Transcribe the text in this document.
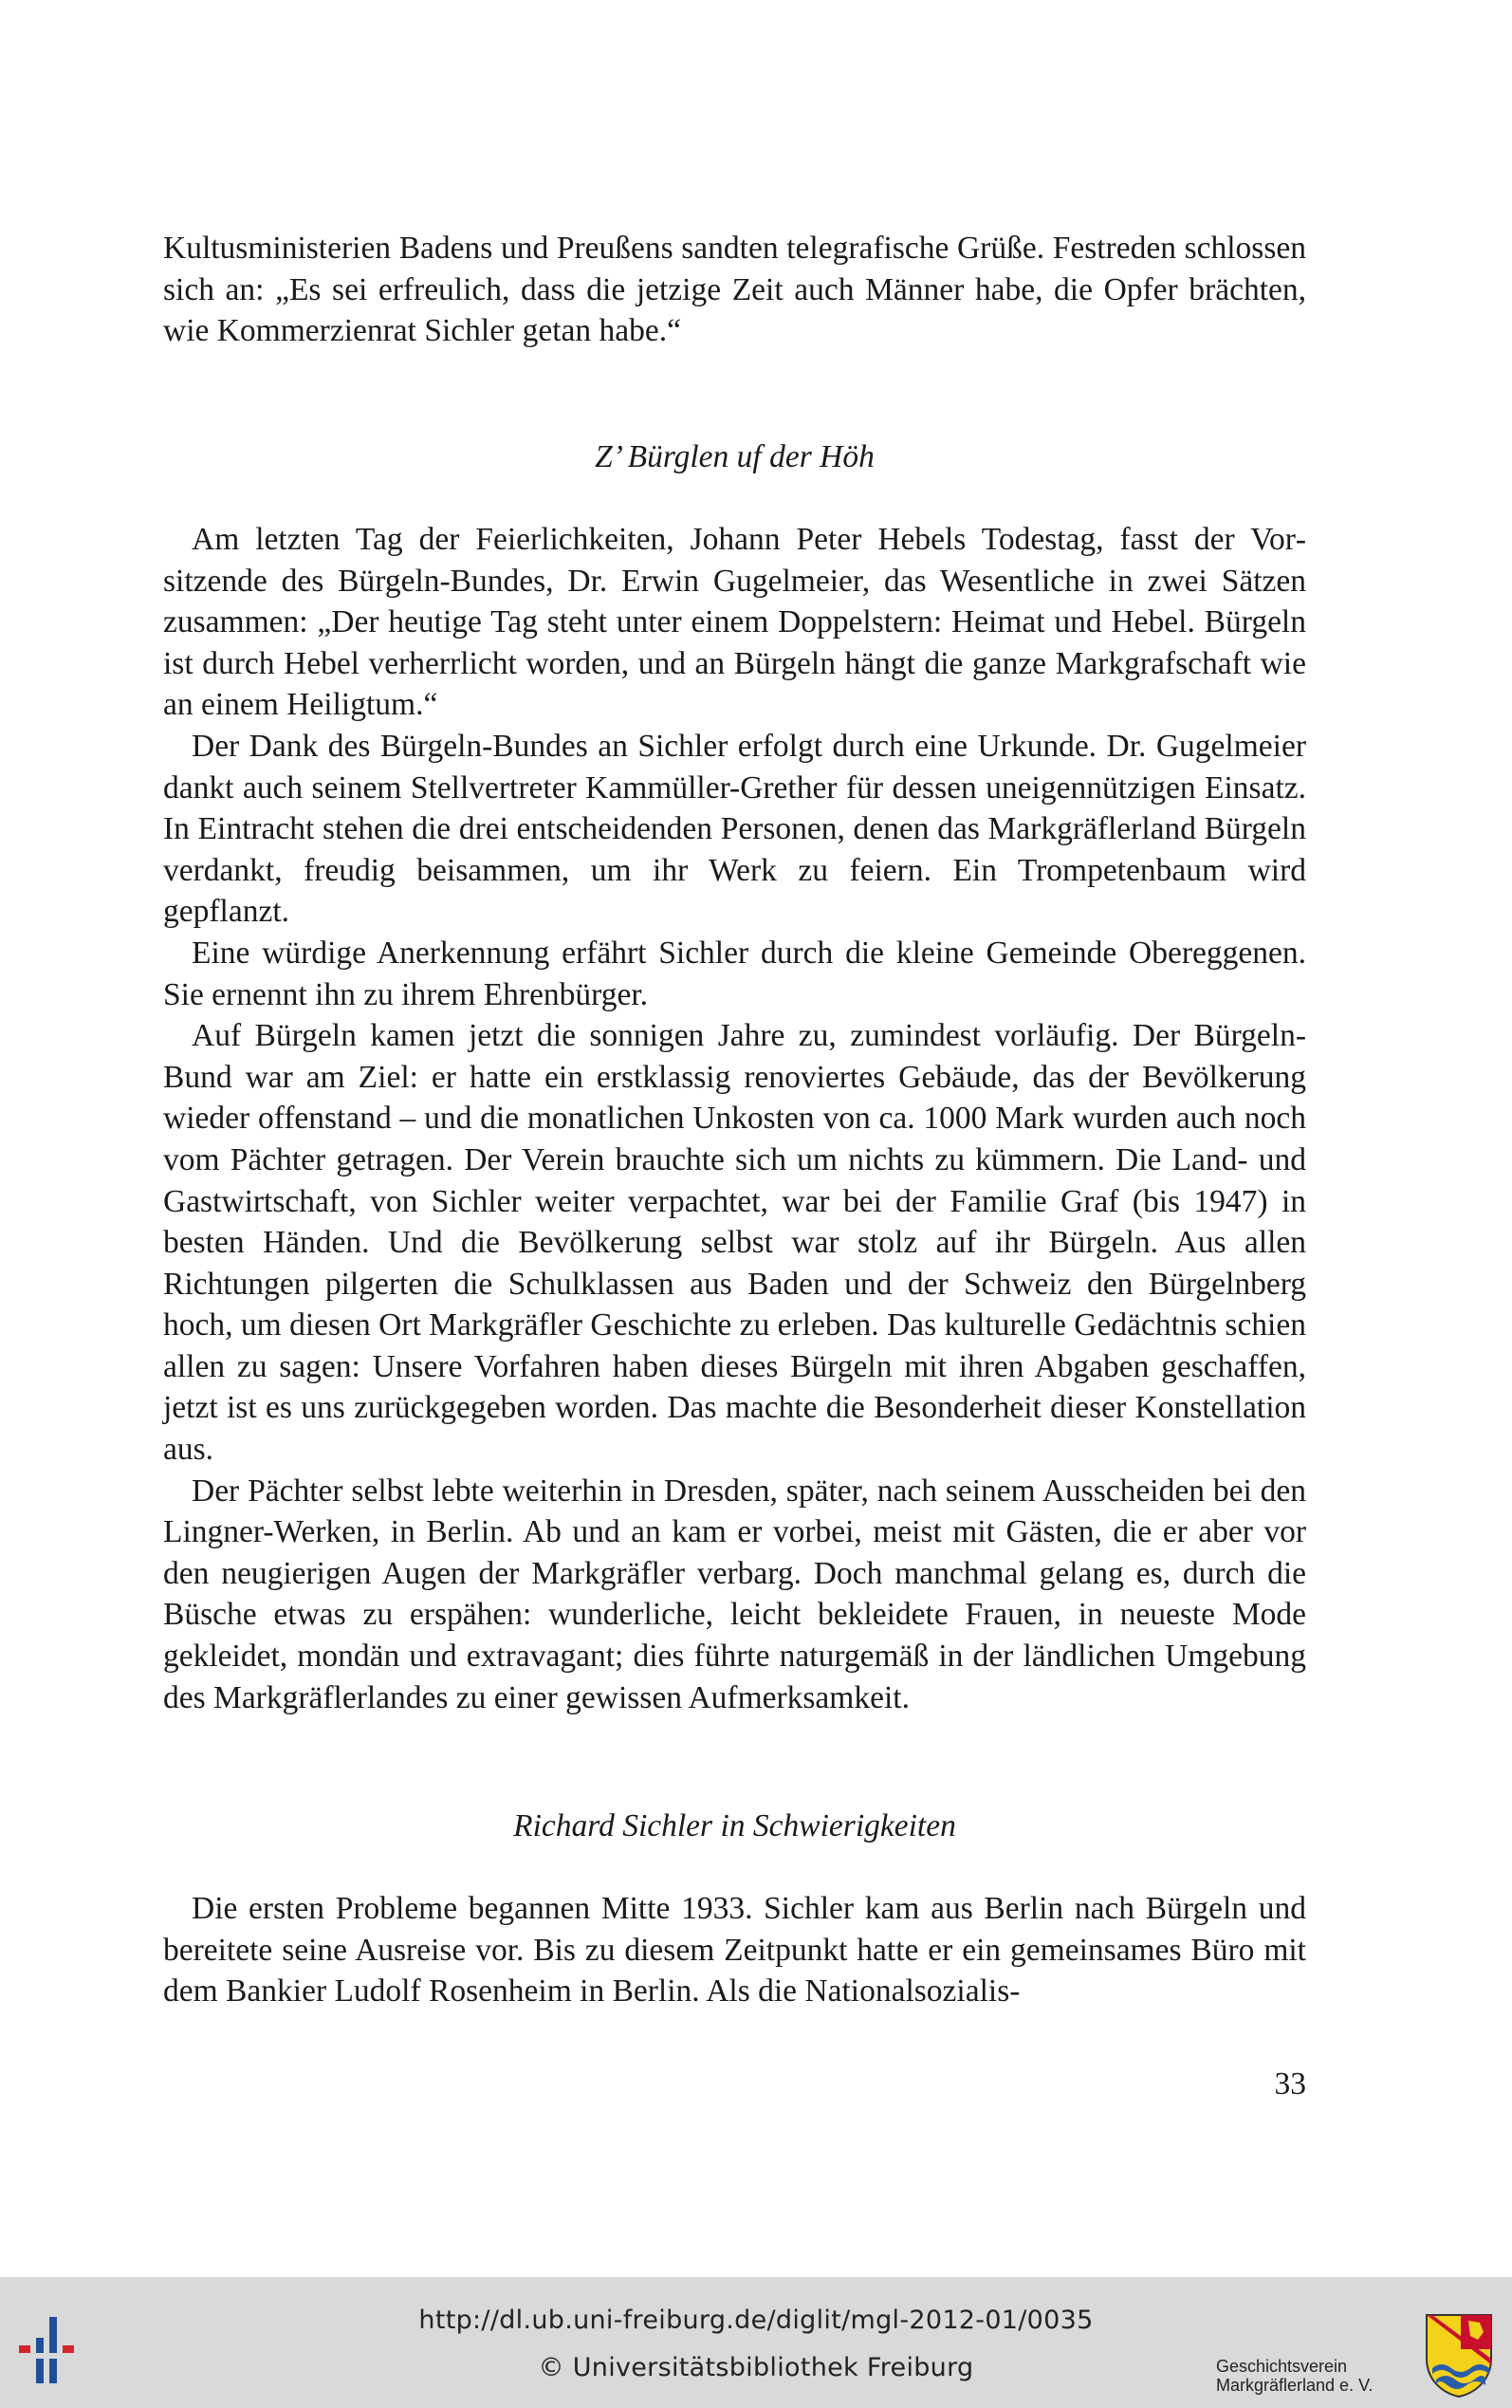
Kultusministerien Badens und Preußens sandten telegrafische Grüße. Festreden schlossen sich an: „Es sei erfreulich, dass die jetzige Zeit auch Männer habe, die Opfer brächten, wie Kommerzienrat Sichler getan habe.“

Z’ Bürglen uf der Höh

Am letzten Tag der Feierlichkeiten, Johann Peter Hebels Todestag, fasst der Vorsitzende des Bürgeln-Bundes, Dr. Erwin Gugelmeier, das Wesentliche in zwei Sätzen zusammen: „Der heutige Tag steht unter einem Doppelstern: Heimat und Hebel. Bürgeln ist durch Hebel verherrlicht worden, und an Bürgeln hängt die ganze Markgrafschaft wie an einem Heiligtum.“

Der Dank des Bürgeln-Bundes an Sichler erfolgt durch eine Urkunde. Dr. Gugelmeier dankt auch seinem Stellvertreter Kammüller-Grether für dessen uneigennützigen Einsatz. In Eintracht stehen die drei entscheidenden Personen, denen das Markgräflerland Bürgeln verdankt, freudig beisammen, um ihr Werk zu feiern. Ein Trompetenbaum wird gepflanzt.

Eine würdige Anerkennung erfährt Sichler durch die kleine Gemeinde Obereggenen. Sie ernennt ihn zu ihrem Ehrenbürger.

Auf Bürgeln kamen jetzt die sonnigen Jahre zu, zumindest vorläufig. Der Bürgeln-Bund war am Ziel: er hatte ein erstklassig renoviertes Gebäude, das der Bevölkerung wieder offenstand – und die monatlichen Unkosten von ca. 1000 Mark wurden auch noch vom Pächter getragen. Der Verein brauchte sich um nichts zu kümmern. Die Land- und Gastwirtschaft, von Sichler weiter verpachtet, war bei der Familie Graf (bis 1947) in besten Händen. Und die Bevölkerung selbst war stolz auf ihr Bürgeln. Aus allen Richtungen pilgerten die Schulklassen aus Baden und der Schweiz den Bürgelnberg hoch, um diesen Ort Markgräfler Geschichte zu erleben. Das kulturelle Gedächtnis schien allen zu sagen: Unsere Vorfahren haben dieses Bürgeln mit ihren Abgaben geschaffen, jetzt ist es uns zurückgegeben worden. Das machte die Besonderheit dieser Konstellation aus.

Der Pächter selbst lebte weiterhin in Dresden, später, nach seinem Ausscheiden bei den Lingner-Werken, in Berlin. Ab und an kam er vorbei, meist mit Gästen, die er aber vor den neugierigen Augen der Markgräfler verbarg. Doch manchmal gelang es, durch die Büsche etwas zu erspähen: wunderliche, leicht bekleidete Frauen, in neueste Mode gekleidet, mondän und extravagant; dies führte naturgemäß in der ländlichen Umgebung des Markgräflerlandes zu einer gewissen Aufmerksamkeit.

Richard Sichler in Schwierigkeiten

Die ersten Probleme begannen Mitte 1933. Sichler kam aus Berlin nach Bürgeln und bereitete seine Ausreise vor. Bis zu diesem Zeitpunkt hatte er ein gemeinsames Büro mit dem Bankier Ludolf Rosenheim in Berlin. Als die Nationalsozialis-

33
http://dl.ub.uni-freiburg.de/diglit/mgl-2012-01/0035
© Universitätsbibliothek Freiburg	Geschichtsverein
Markgräflerland e. V.
